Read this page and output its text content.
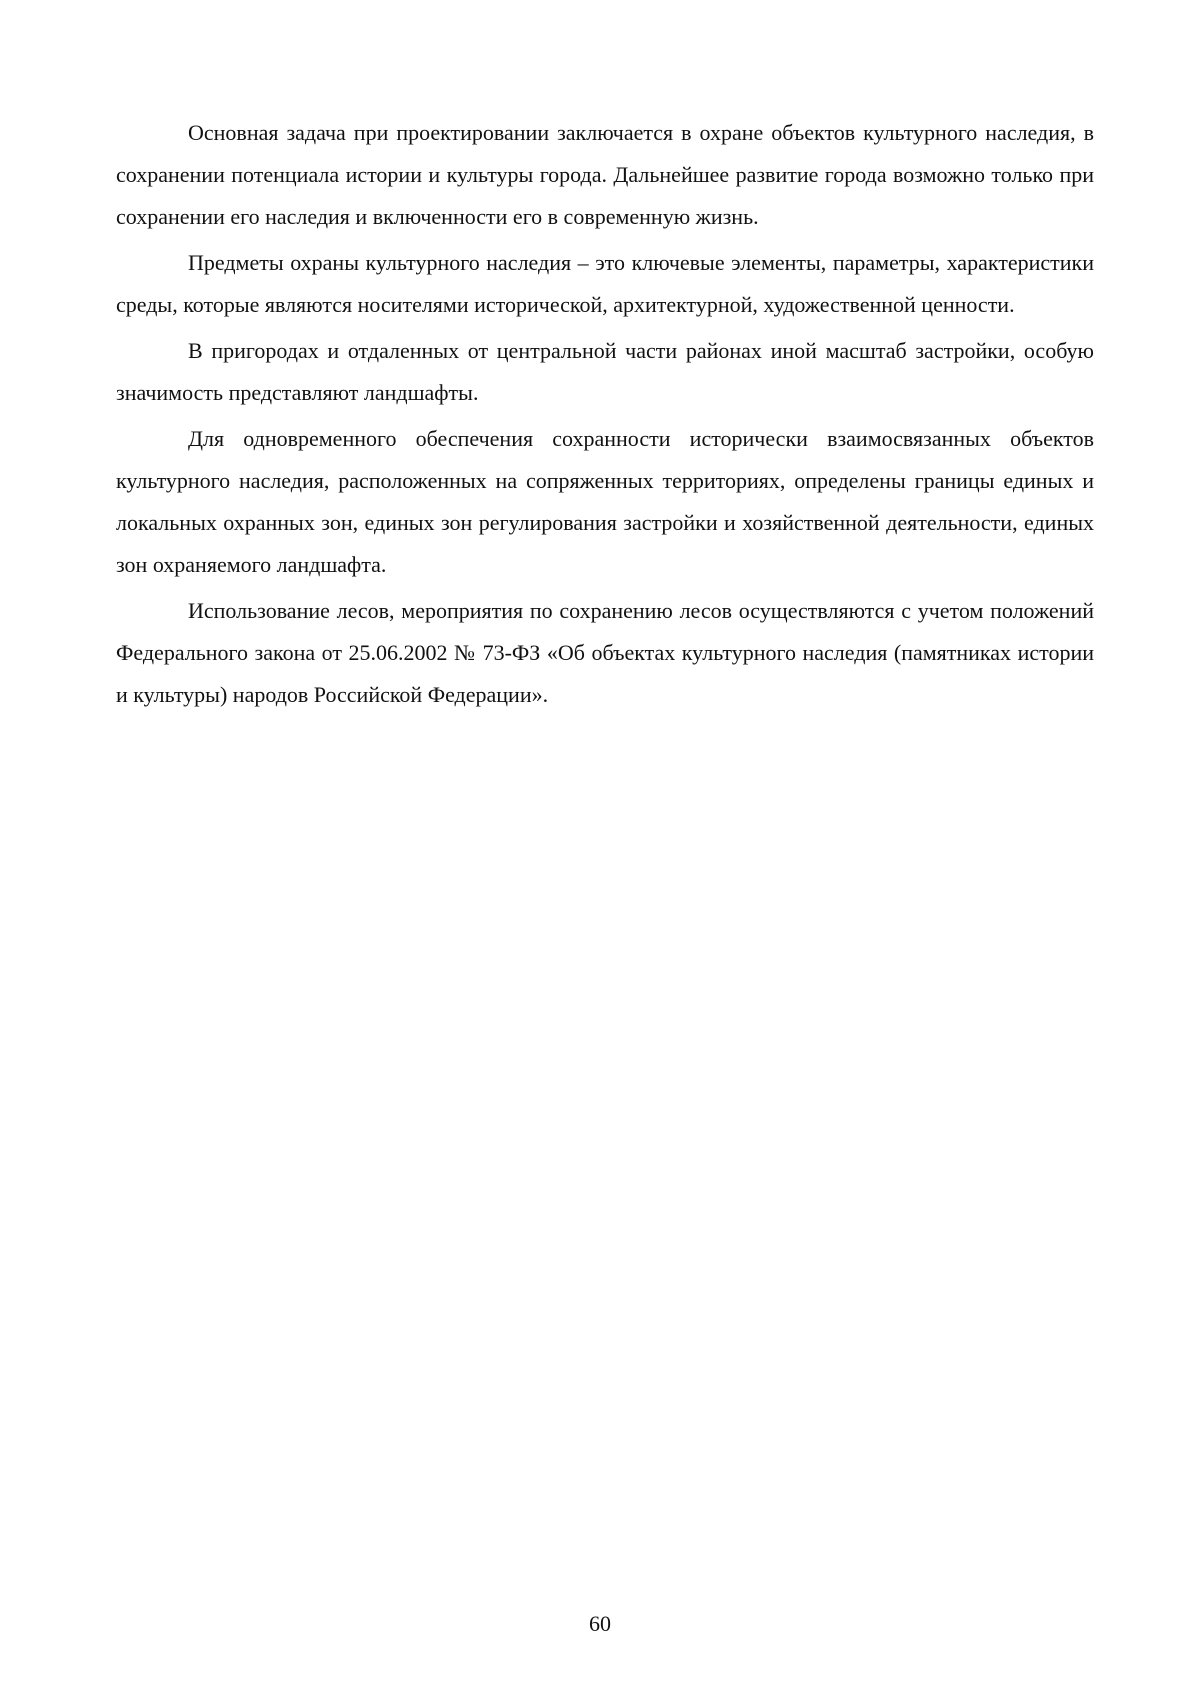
Основная задача при проектировании заключается в охране объектов культурного наследия, в сохранении потенциала истории и культуры города. Дальнейшее развитие города возможно только при сохранении его наследия и включенности его в современную жизнь.

Предметы охраны культурного наследия – это ключевые элементы, параметры, характеристики среды, которые являются носителями исторической, архитектурной, художественной ценности.

В пригородах и отдаленных от центральной части районах иной масштаб застройки, особую значимость представляют ландшафты.

Для одновременного обеспечения сохранности исторически взаимосвязанных объектов культурного наследия, расположенных на сопряженных территориях, определены границы единых и локальных охранных зон, единых зон регулирования застройки и хозяйственной деятельности, единых зон охраняемого ландшафта.

Использование лесов, мероприятия по сохранению лесов осуществляются с учетом положений Федерального закона от 25.06.2002 № 73-ФЗ «Об объектах культурного наследия (памятниках истории и культуры) народов Российской Федерации».

60
